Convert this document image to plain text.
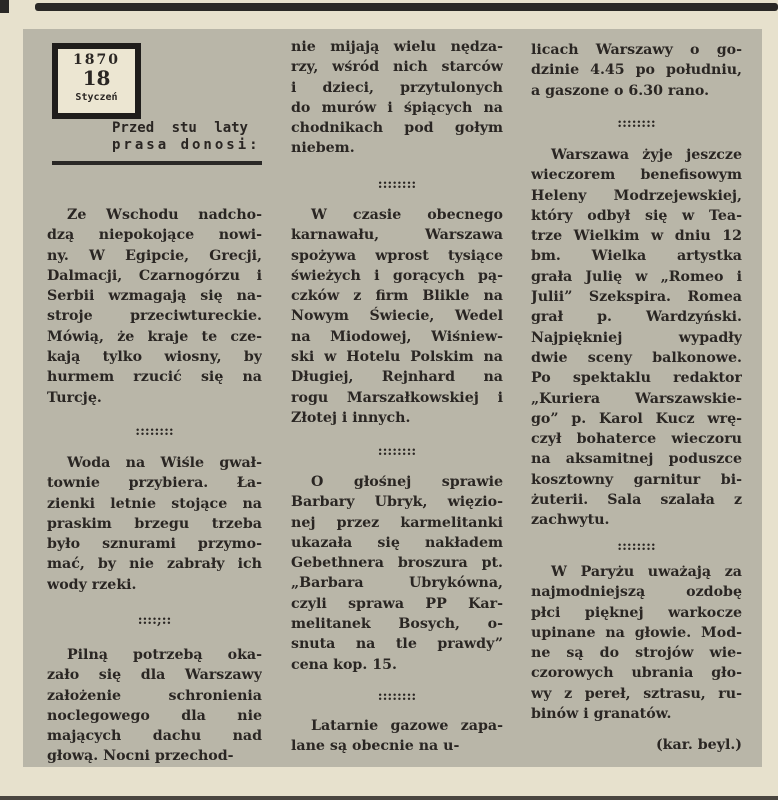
1870
18
Styczeń
Przed stu laty
prasa donosi:
Ze Wschodu nadcho-
dzą niepokojące nowi-
ny. W Egipcie, Grecji,
Dalmacji, Czarnogórzu i
Serbii wzmagają się na-
stroje przeciwtureckie.
Mówią, że kraje te cze-
kają tylko wiosny, by
hurmem rzucić się na
Turcję.
::::::::
Woda na Wiśle gwał-
townie przybiera. Ła-
zienki letnie stojące na
praskim brzegu trzeba
było sznurami przymo-
mać, by nie zabrały ich
wody rzeki.
::::;::
Pilną potrzebą oka-
zało się dla Warszawy
założenie schronienia
noclegowego dla nie
mających dachu nad
głową. Nocni przechod-
nie mijają wielu nędza-
rzy, wśród nich starców
i dzieci, przytulonych
do murów i śpiących na
chodnikach pod gołym
niebem.
::::::::
W czasie obecnego
karnawału, Warszawa
spożywa wprost tysiące
świeżych i gorących pą-
czków z firm Blikle na
Nowym Świecie, Wedel
na Miodowej, Wiśniew-
ski w Hotelu Polskim na
Długiej, Rejnhard na
rogu Marszałkowskiej i
Złotej i innych.
::::::::
O głośnej sprawie
Barbary Ubryk, więzio-
nej przez karmelitanki
ukazała się nakładem
Gebethnera broszura pt.
„Barbara Ubrykówna,
czyli sprawa PP Kar-
melitanek Bosych, o-
snuta na tle prawdy”
cena kop. 15.
::::::::
Latarnie gazowe zapa-
lane są obecnie na u-
licach Warszawy o go-
dzinie 4.45 po południu,
a gaszone o 6.30 rano.
::::::::
Warszawa żyje jeszcze
wieczorem benefisowym
Heleny Modrzejewskiej,
który odbył się w Tea-
trze Wielkim w dniu 12
bm. Wielka artystka
grała Julię w „Romeo i
Julii” Szekspira. Romea
grał p. Wardzyński.
Najpiękniej wypadły
dwie sceny balkonowe.
Po spektaklu redaktor
„Kuriera Warszawskie-
go” p. Karol Kucz wrę-
czył bohaterce wieczoru
na aksamitnej poduszce
kosztowny garnitur bi-
żuterii. Sala szalała z
zachwytu.
::::::::
W Paryżu uważają za
najmodniejszą ozdobę
płci pięknej warkocze
upinane na głowie. Mod-
ne są do strojów wie-
czorowych ubrania gło-
wy z pereł, sztrasu, ru-
binów i granatów.
(kar. beyl.)
